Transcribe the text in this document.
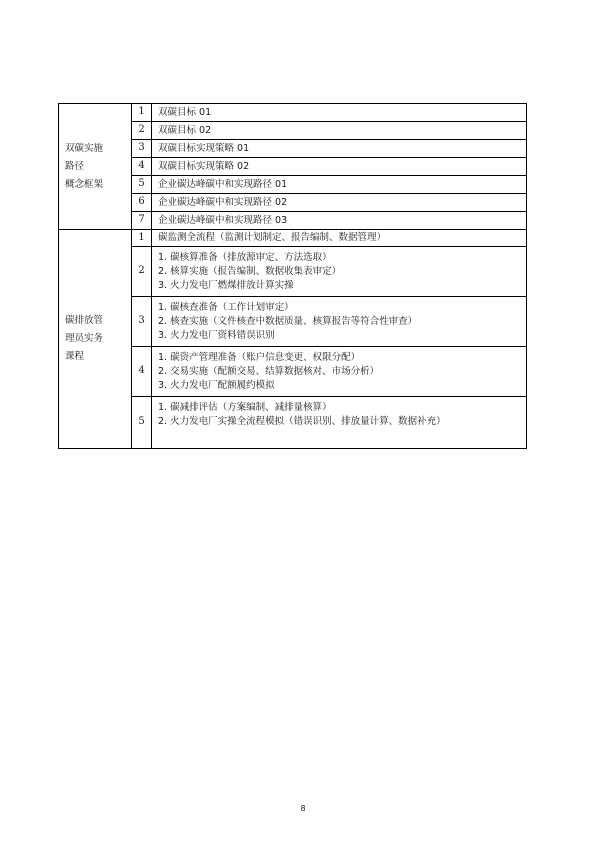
双碳实施
路径
概念框架	1	双碳目标 01
	2	双碳目标 02
	3	双碳目标实现策略 01
	4	双碳目标实现策略 02
	5	企业碳达峰碳中和实现路径 01
	6	企业碳达峰碳中和实现路径 02
	7	企业碳达峰碳中和实现路径 03

碳排放管
理员实务
课程	1	碳监测全流程（监测计划制定、报告编制、数据管理）
	2	1. 碳核算准备（排放源审定、方法选取）
2. 核算实施（报告编制、数据收集表审定）
3. 火力发电厂燃煤排放计算实操

	3	1. 碳核查准备（工作计划审定）
2. 核查实施（文件核查中数据质量、核算报告等符合性审查）
3. 火力发电厂资料错误识别

	4	1. 碳资产管理准备（账户信息变更、权限分配）
2. 交易实施（配额交易、结算数据核对、市场分析）
3. 火力发电厂配额履约模拟

	5	1. 碳减排评估（方案编制、减排量核算）
2. 火力发电厂实操全流程模拟（错误识别、排放量计算、数据补充）
8
